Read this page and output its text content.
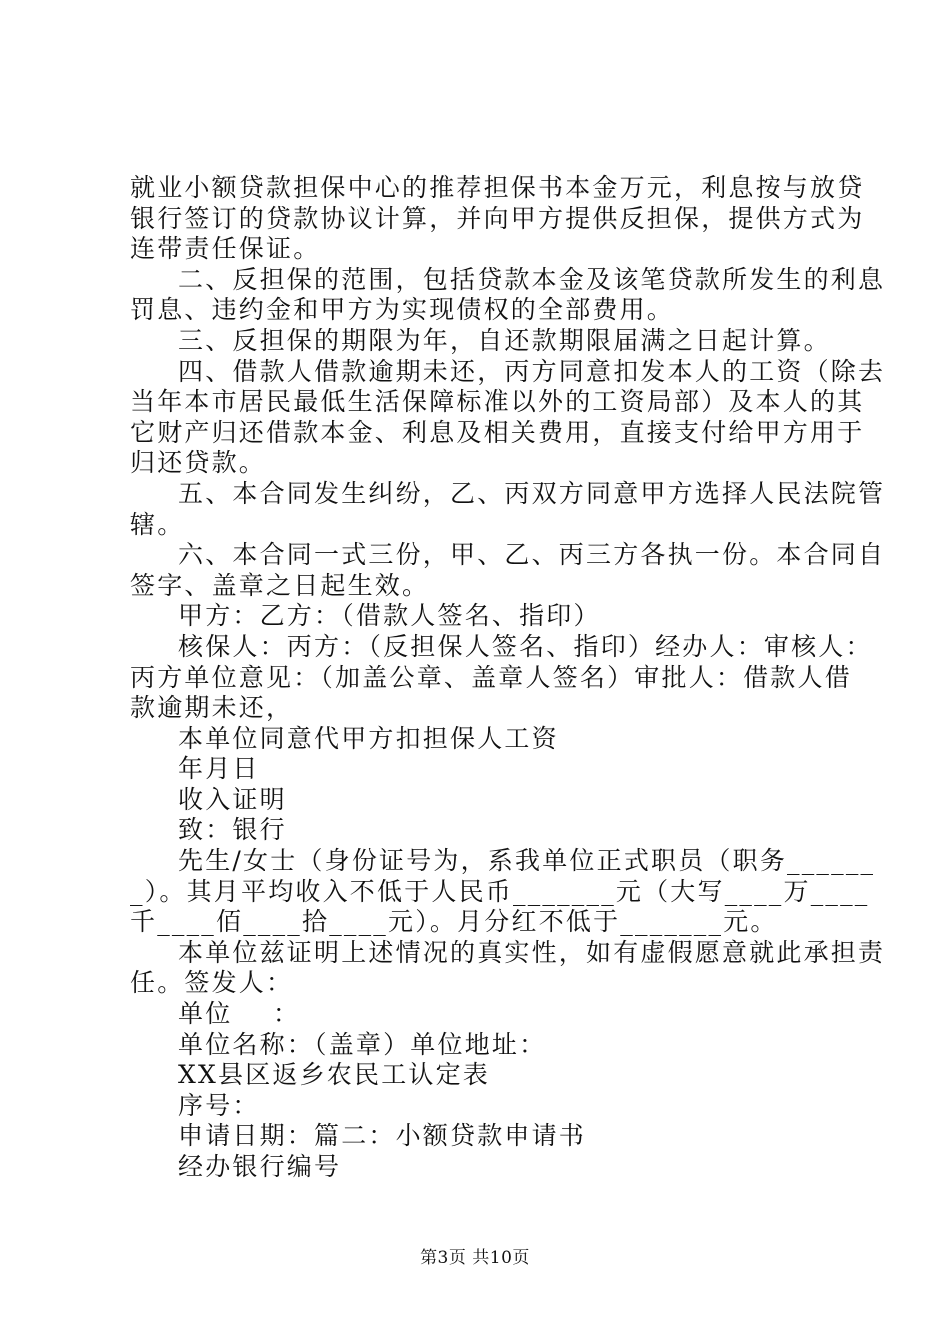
就业小额贷款担保中心的推荐担保书本金万元，利息按与放贷
银行签订的贷款协议计算，并向甲方提供反担保，提供方式为
连带责任保证。
二、反担保的范围，包括贷款本金及该笔贷款所发生的利息
罚息、违约金和甲方为实现债权的全部费用。
三、反担保的期限为年，自还款期限届满之日起计算。
四、借款人借款逾期未还，丙方同意扣发本人的工资（除去
当年本市居民最低生活保障标准以外的工资局部）及本人的其
它财产归还借款本金、利息及相关费用，直接支付给甲方用于
归还贷款。
五、本合同发生纠纷，乙、丙双方同意甲方选择人民法院管
辖。
六、本合同一式三份，甲、乙、丙三方各执一份。本合同自
签字、盖章之日起生效。
甲方：乙方：（借款人签名、指印）
核保人：丙方：（反担保人签名、指印）经办人：审核人：
丙方单位意见：（加盖公章、盖章人签名）审批人：借款人借
款逾期未还，
本单位同意代甲方扣担保人工资
年月日
收入证明
致：银行
先生/女士（身份证号为，系我单位正式职员（职务______
_）。其月平均收入不低于人民币_______元（大写____万____
千____佰____拾____元）。月分红不低于_______元。
本单位兹证明上述情况的真实性，如有虚假愿意就此承担责
任。签发人：
单位    ：
单位名称：（盖章）单位地址：
XX县区返乡农民工认定表
序号：
申请日期：篇二：小额贷款申请书
经办银行编号
第3页 共10页
